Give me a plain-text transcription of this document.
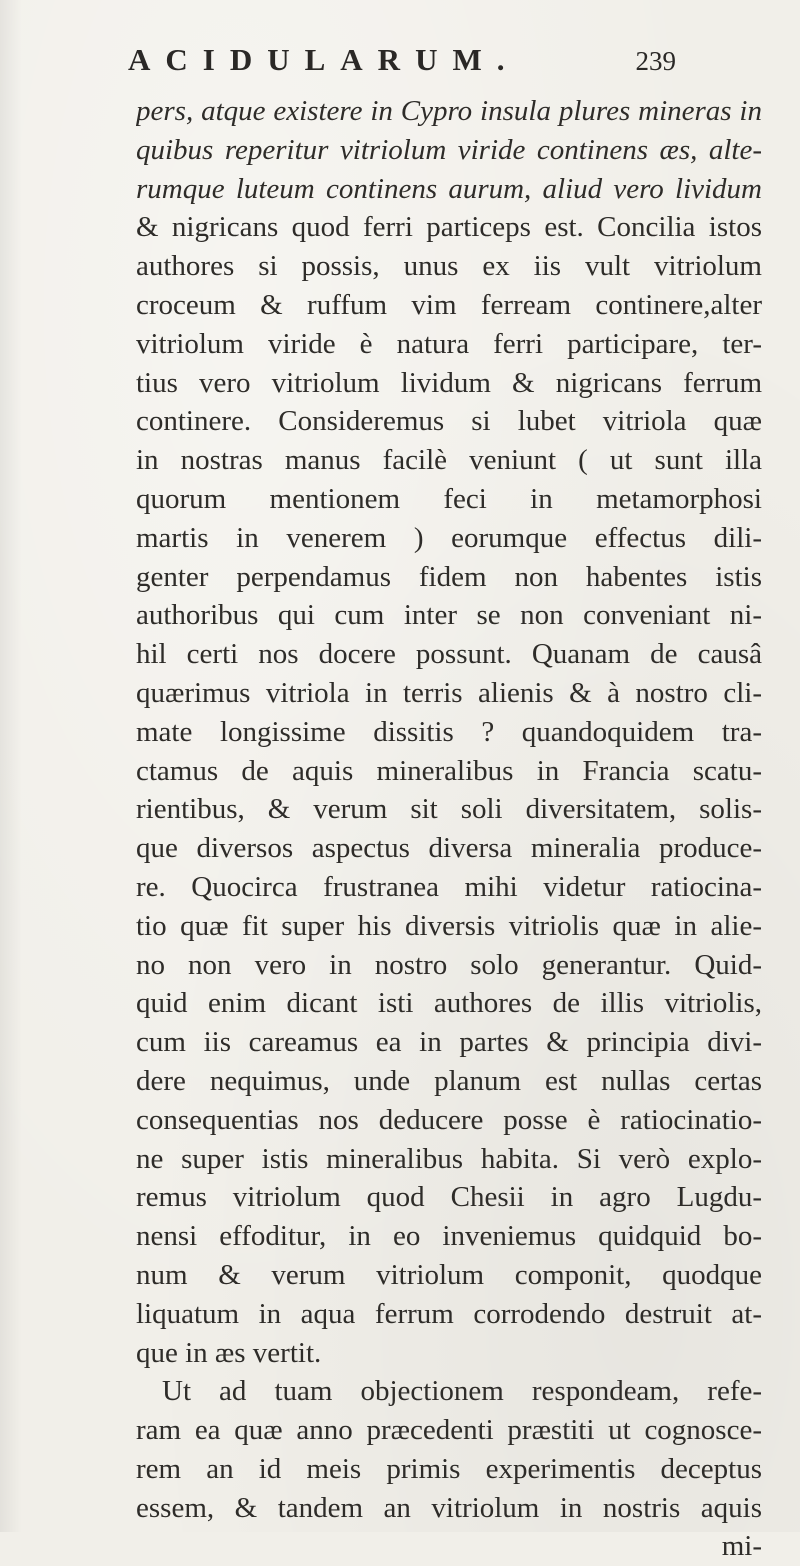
ACIDULARUM.	239
pers, atque existere in Cypro insula plures mineras in
quibus reperitur vitriolum viride continens æs, alte-
rumque luteum continens aurum, aliud vero lividum
& nigricans quod ferri particeps est. Concilia istos
authores si possis, unus ex iis vult vitriolum
croceum & ruffum vim ferream continere,alter
vitriolum viride è natura ferri participare, ter-
tius vero vitriolum lividum & nigricans ferrum
continere. Consideremus si lubet vitriola quæ
in nostras manus facilè veniunt ( ut sunt illa
quorum mentionem feci in metamorphosi
martis in venerem ) eorumque effectus dili-
genter perpendamus fidem non habentes istis
authoribus qui cum inter se non conveniant ni-
hil certi nos docere possunt. Quanam de causâ
quærimus vitriola in terris alienis & à nostro cli-
mate longissime dissitis ? quandoquidem tra-
ctamus de aquis mineralibus in Francia scatu-
rientibus, & verum sit soli diversitatem, solis-
que diversos aspectus diversa mineralia produce-
re. Quocirca frustranea mihi videtur ratiocina-
tio quæ fit super his diversis vitriolis quæ in alie-
no non vero in nostro solo generantur. Quid-
quid enim dicant isti authores de illis vitriolis,
cum iis careamus ea in partes & principia divi-
dere nequimus, unde planum est nullas certas
consequentias nos deducere posse è ratiocinatio-
ne super istis mineralibus habita. Si verò explo-
remus vitriolum quod Chesii in agro Lugdu-
nensi effoditur, in eo inveniemus quidquid bo-
num & verum vitriolum componit, quodque
liquatum in aqua ferrum corrodendo destruit at-
que in æs vertit.
Ut ad tuam objectionem respondeam, refe-
ram ea quæ anno præcedenti præstiti ut cognosce-
rem an id meis primis experimentis deceptus
essem, & tandem an vitriolum in nostris aquis
mi-
